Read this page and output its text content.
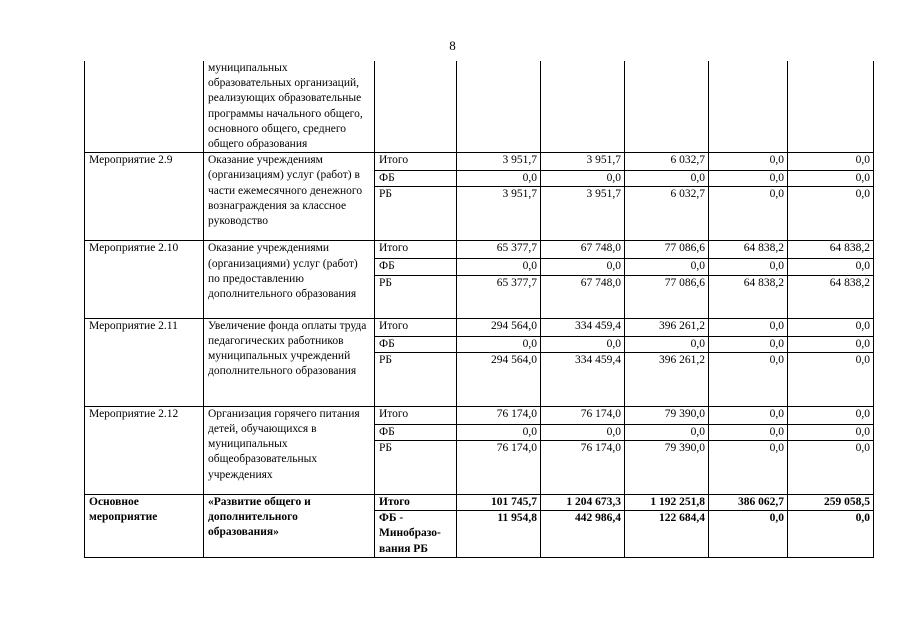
8
	муниципальных образовательных организаций, реализующих образовательные программы начального общего, основного общего, среднего общего образования						
Мероприятие 2.9	Оказание учреждениям (организациям) услуг (работ) в части ежемесячного денежного вознаграждения за классное руководство	Итого	3 951,7	3 951,7	6 032,7	0,0	0,0
		ФБ	0,0	0,0	0,0	0,0	0,0
		РБ	3 951,7	3 951,7	6 032,7	0,0	0,0
Мероприятие 2.10	Оказание учреждениями (организациями) услуг (работ) по предоставлению дополнительного образования	Итого	65 377,7	67 748,0	77 086,6	64 838,2	64 838,2
		ФБ	0,0	0,0	0,0	0,0	0,0
		РБ	65 377,7	67 748,0	77 086,6	64 838,2	64 838,2
Мероприятие 2.11	Увеличение фонда оплаты труда педагогических работников муниципальных учреждений дополнительного образования	Итого	294 564,0	334 459,4	396 261,2	0,0	0,0
		ФБ	0,0	0,0	0,0	0,0	0,0
		РБ	294 564,0	334 459,4	396 261,2	0,0	0,0
Мероприятие 2.12	Организация горячего питания детей, обучающихся в муниципальных общеобразовательных учреждениях	Итого	76 174,0	76 174,0	79 390,0	0,0	0,0
		ФБ	0,0	0,0	0,0	0,0	0,0
		РБ	76 174,0	76 174,0	79 390,0	0,0	0,0
Основное мероприятие	«Развитие общего и дополнительного образования»	Итого	101 745,7	1 204 673,3	1 192 251,8	386 062,7	259 058,5
		ФБ - Минобразо-вания РБ	11 954,8	442 986,4	122 684,4	0,0	0,0
